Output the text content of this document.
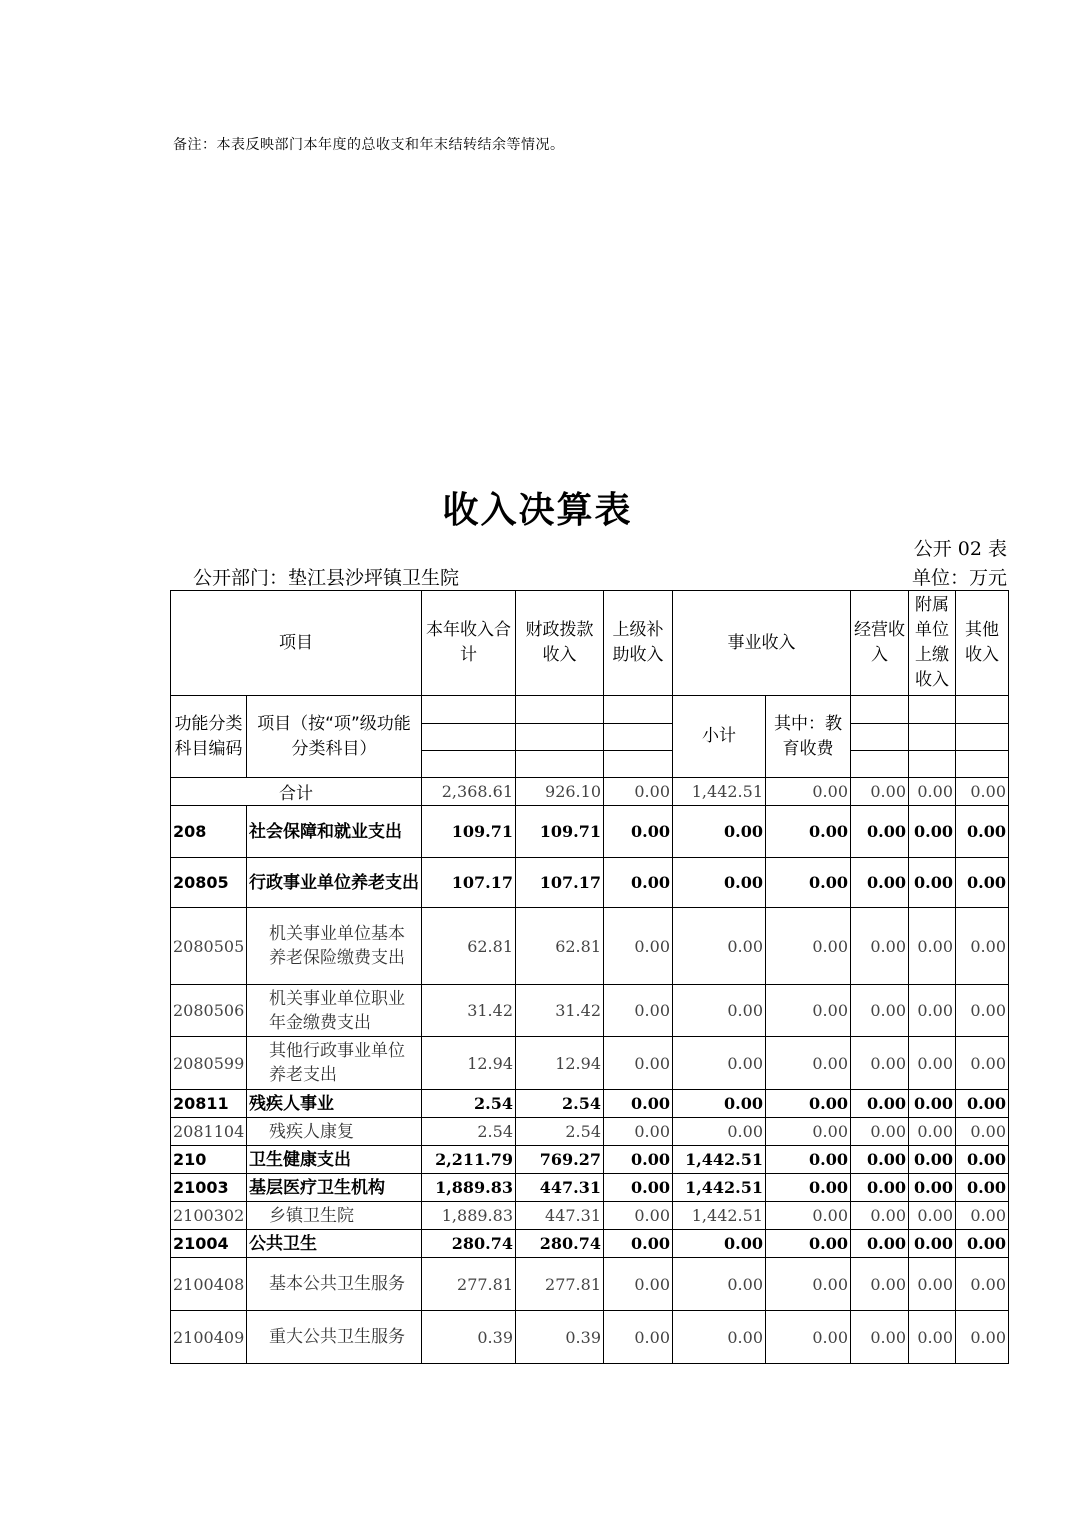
备注：本表反映部门本年度的总收支和年末结转结余等情况。
收入决算表
公开 02 表
公开部门：垫江县沙坪镇卫生院	单位：万元
项目		本年收入合计	财政拨款收入	上级补助收入	事业收入		经营收入	附属单位上缴收入	其他收入
功能分类科目编码	项目（按“项”级功能分类科目）				小计	其中：教育收费			

合计		2,368.61	926.10	0.00	1,442.51	0.00	0.00	0.00	0.00
208	社会保障和就业支出	109.71	109.71	0.00	0.00	0.00	0.00	0.00	0.00
20805	行政事业单位养老支出	107.17	107.17	0.00	0.00	0.00	0.00	0.00	0.00
2080505	机关事业单位基本养老保险缴费支出	62.81	62.81	0.00	0.00	0.00	0.00	0.00	0.00
2080506	机关事业单位职业年金缴费支出	31.42	31.42	0.00	0.00	0.00	0.00	0.00	0.00
2080599	其他行政事业单位养老支出	12.94	12.94	0.00	0.00	0.00	0.00	0.00	0.00
20811	残疾人事业	2.54	2.54	0.00	0.00	0.00	0.00	0.00	0.00
2081104	残疾人康复	2.54	2.54	0.00	0.00	0.00	0.00	0.00	0.00
210	卫生健康支出	2,211.79	769.27	0.00	1,442.51	0.00	0.00	0.00	0.00
21003	基层医疗卫生机构	1,889.83	447.31	0.00	1,442.51	0.00	0.00	0.00	0.00
2100302	乡镇卫生院	1,889.83	447.31	0.00	1,442.51	0.00	0.00	0.00	0.00
21004	公共卫生	280.74	280.74	0.00	0.00	0.00	0.00	0.00	0.00
2100408	基本公共卫生服务	277.81	277.81	0.00	0.00	0.00	0.00	0.00	0.00
2100409	重大公共卫生服务	0.39	0.39	0.00	0.00	0.00	0.00	0.00	0.00
